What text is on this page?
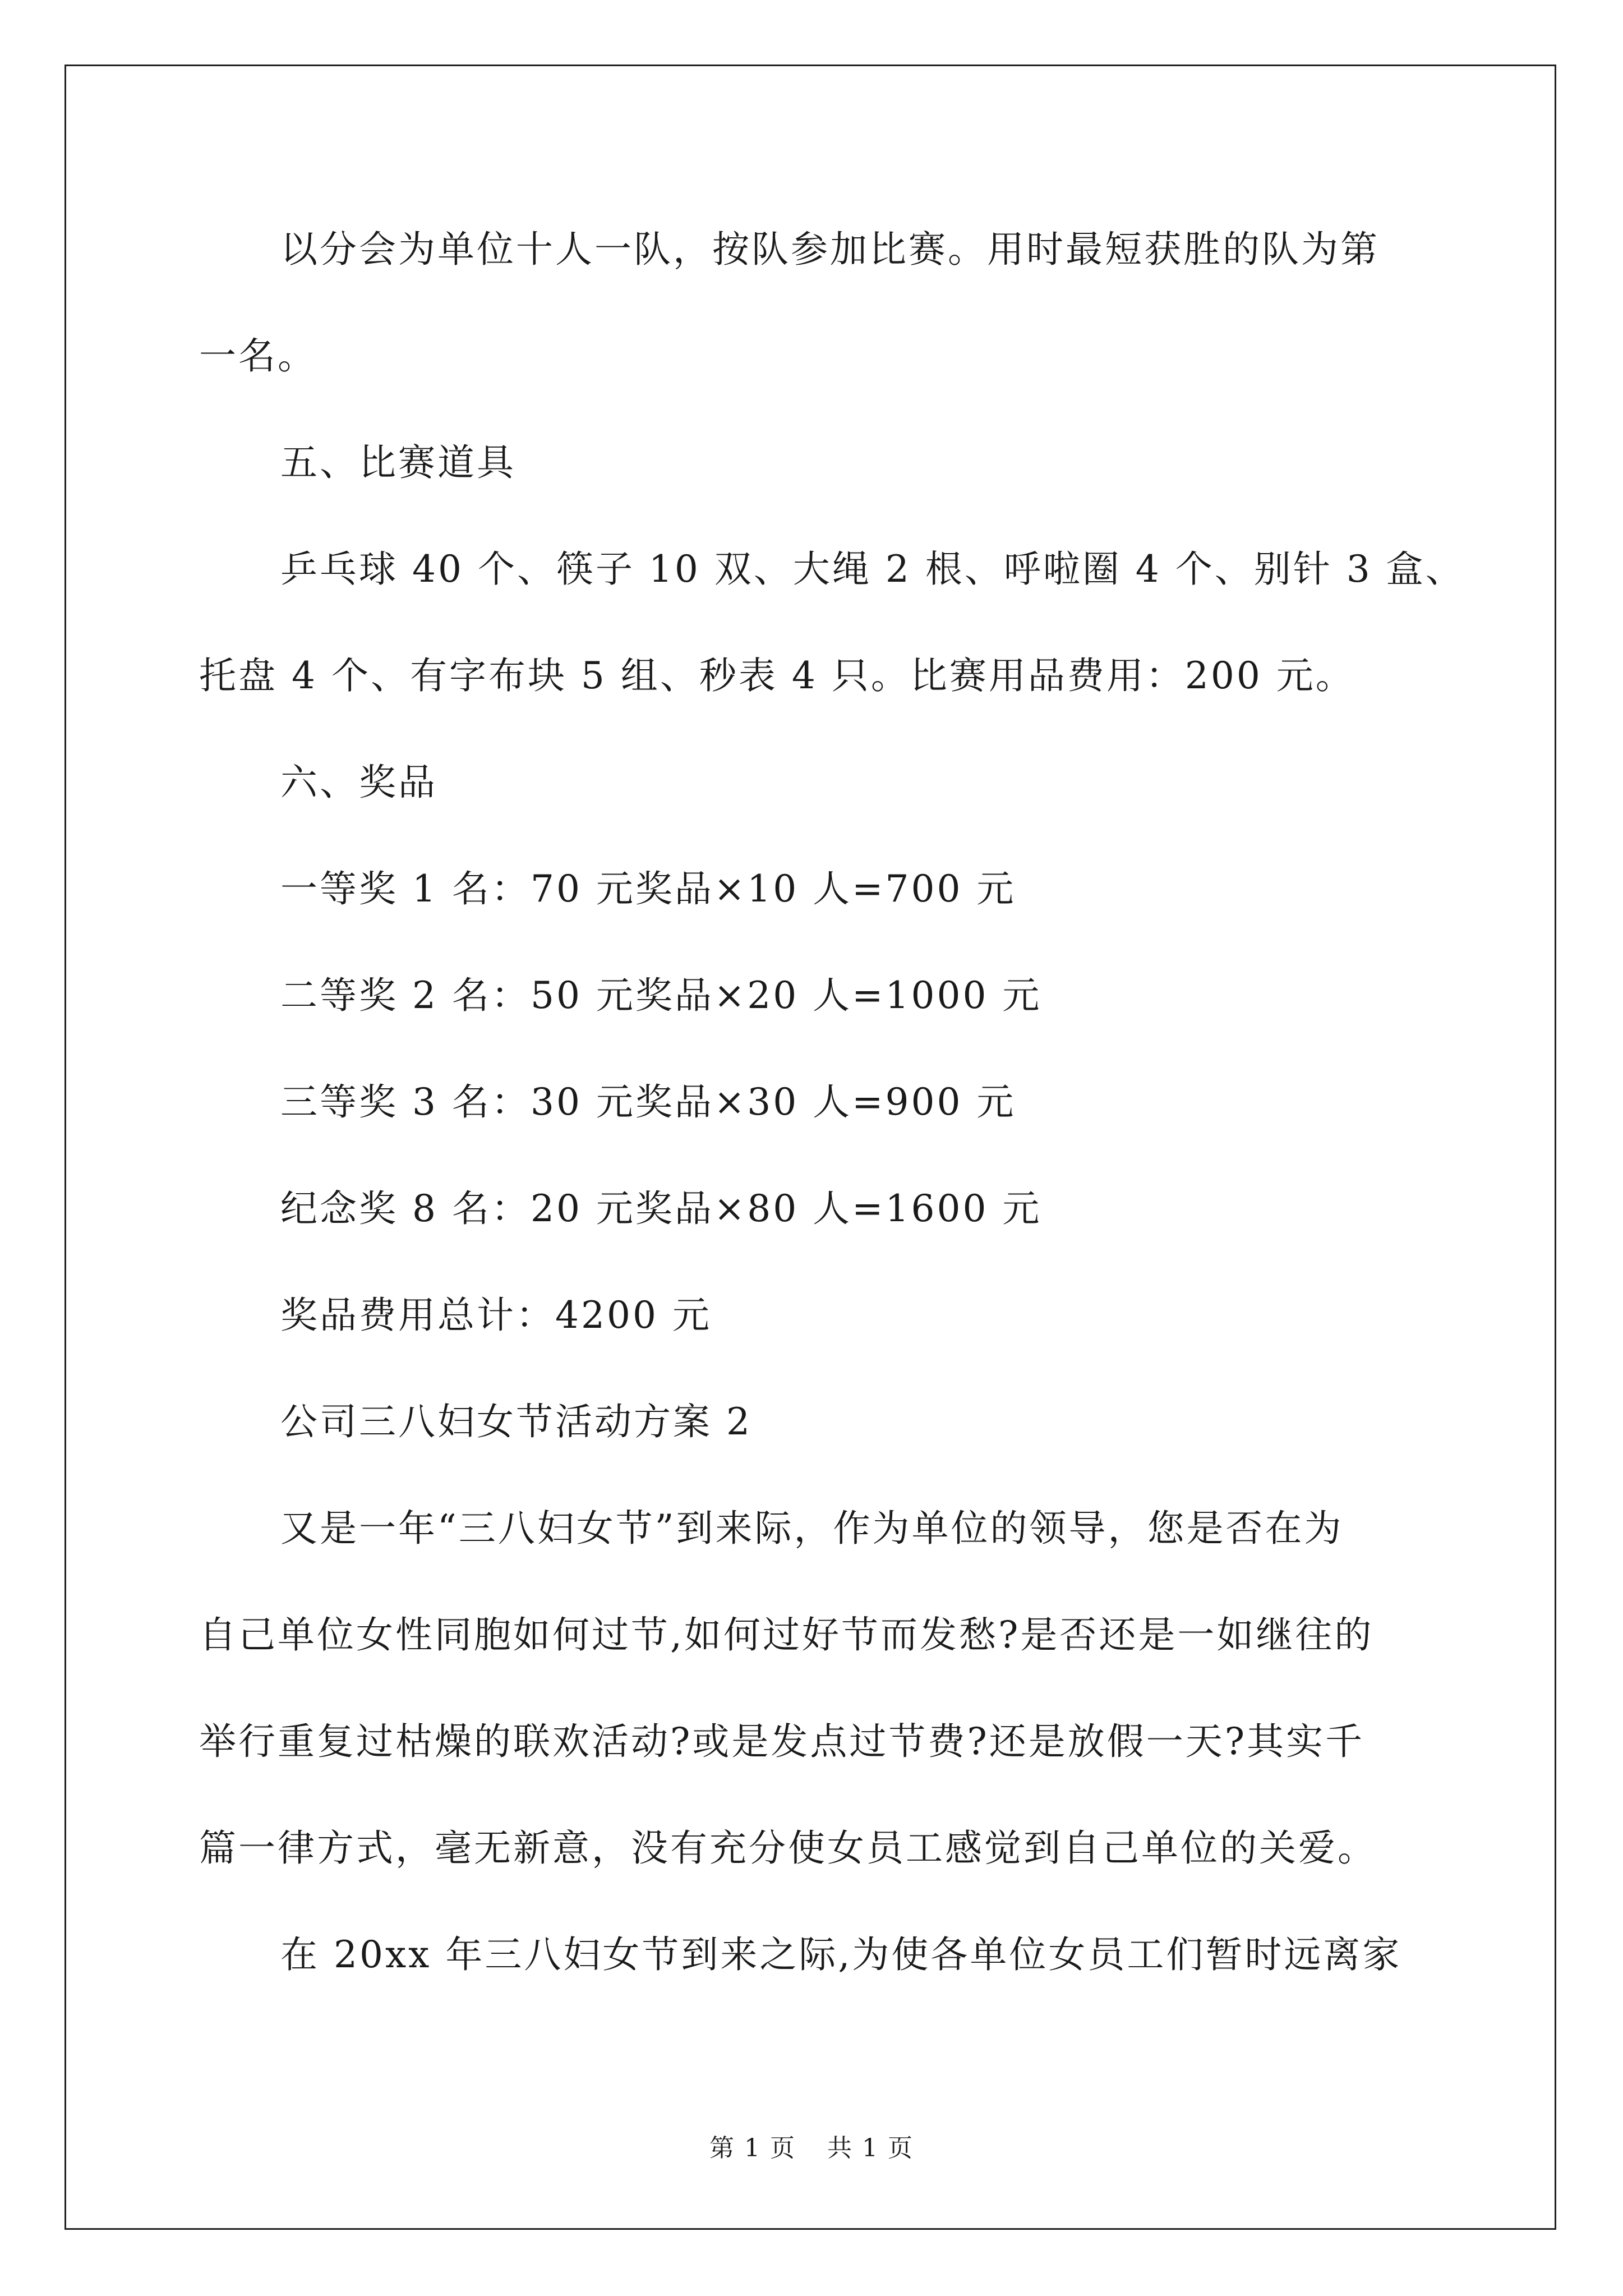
以分会为单位十人一队，按队参加比赛。用时最短获胜的队为第
一名。
五、比赛道具
乒乓球 40 个、筷子 10 双、大绳 2 根、呼啦圈 4 个、别针 3 盒、
托盘 4 个、有字布块 5 组、秒表 4 只。比赛用品费用：200 元。
六、奖品
一等奖 1 名：70 元奖品×10 人=700 元
二等奖 2 名：50 元奖品×20 人=1000 元
三等奖 3 名：30 元奖品×30 人=900 元
纪念奖 8 名：20 元奖品×80 人=1600 元
奖品费用总计：4200 元
公司三八妇女节活动方案 2
又是一年“三八妇女节”到来际，作为单位的领导，您是否在为
自己单位女性同胞如何过节,如何过好节而发愁?是否还是一如继往的
举行重复过枯燥的联欢活动?或是发点过节费?还是放假一天?其实千
篇一律方式，毫无新意，没有充分使女员工感觉到自己单位的关爱。
在 20xx 年三八妇女节到来之际,为使各单位女员工们暂时远离家
第 1 页 共 1 页
